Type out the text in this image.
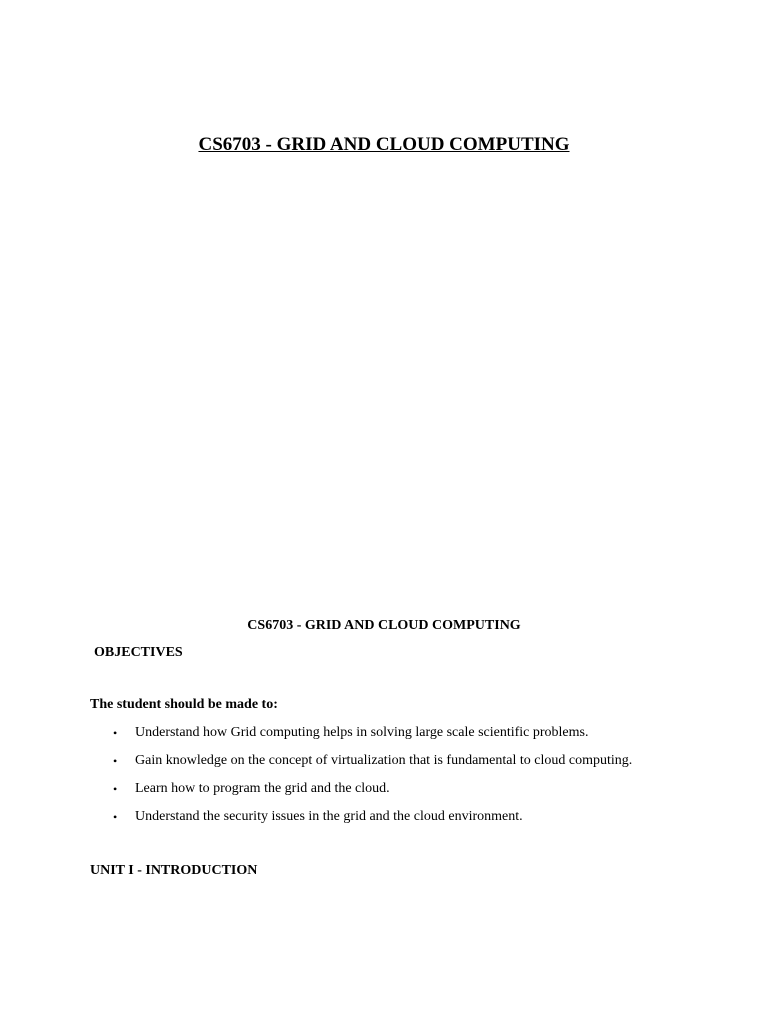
CS6703 - GRID AND CLOUD COMPUTING
CS6703 - GRID AND CLOUD COMPUTING

OBJECTIVES

The student should be made to:

• Understand how Grid computing helps in solving large scale scientific problems.
• Gain knowledge on the concept of virtualization that is fundamental to cloud computing.
• Learn how to program the grid and the cloud.
• Understand the security issues in the grid and the cloud environment.

UNIT I - INTRODUCTION
